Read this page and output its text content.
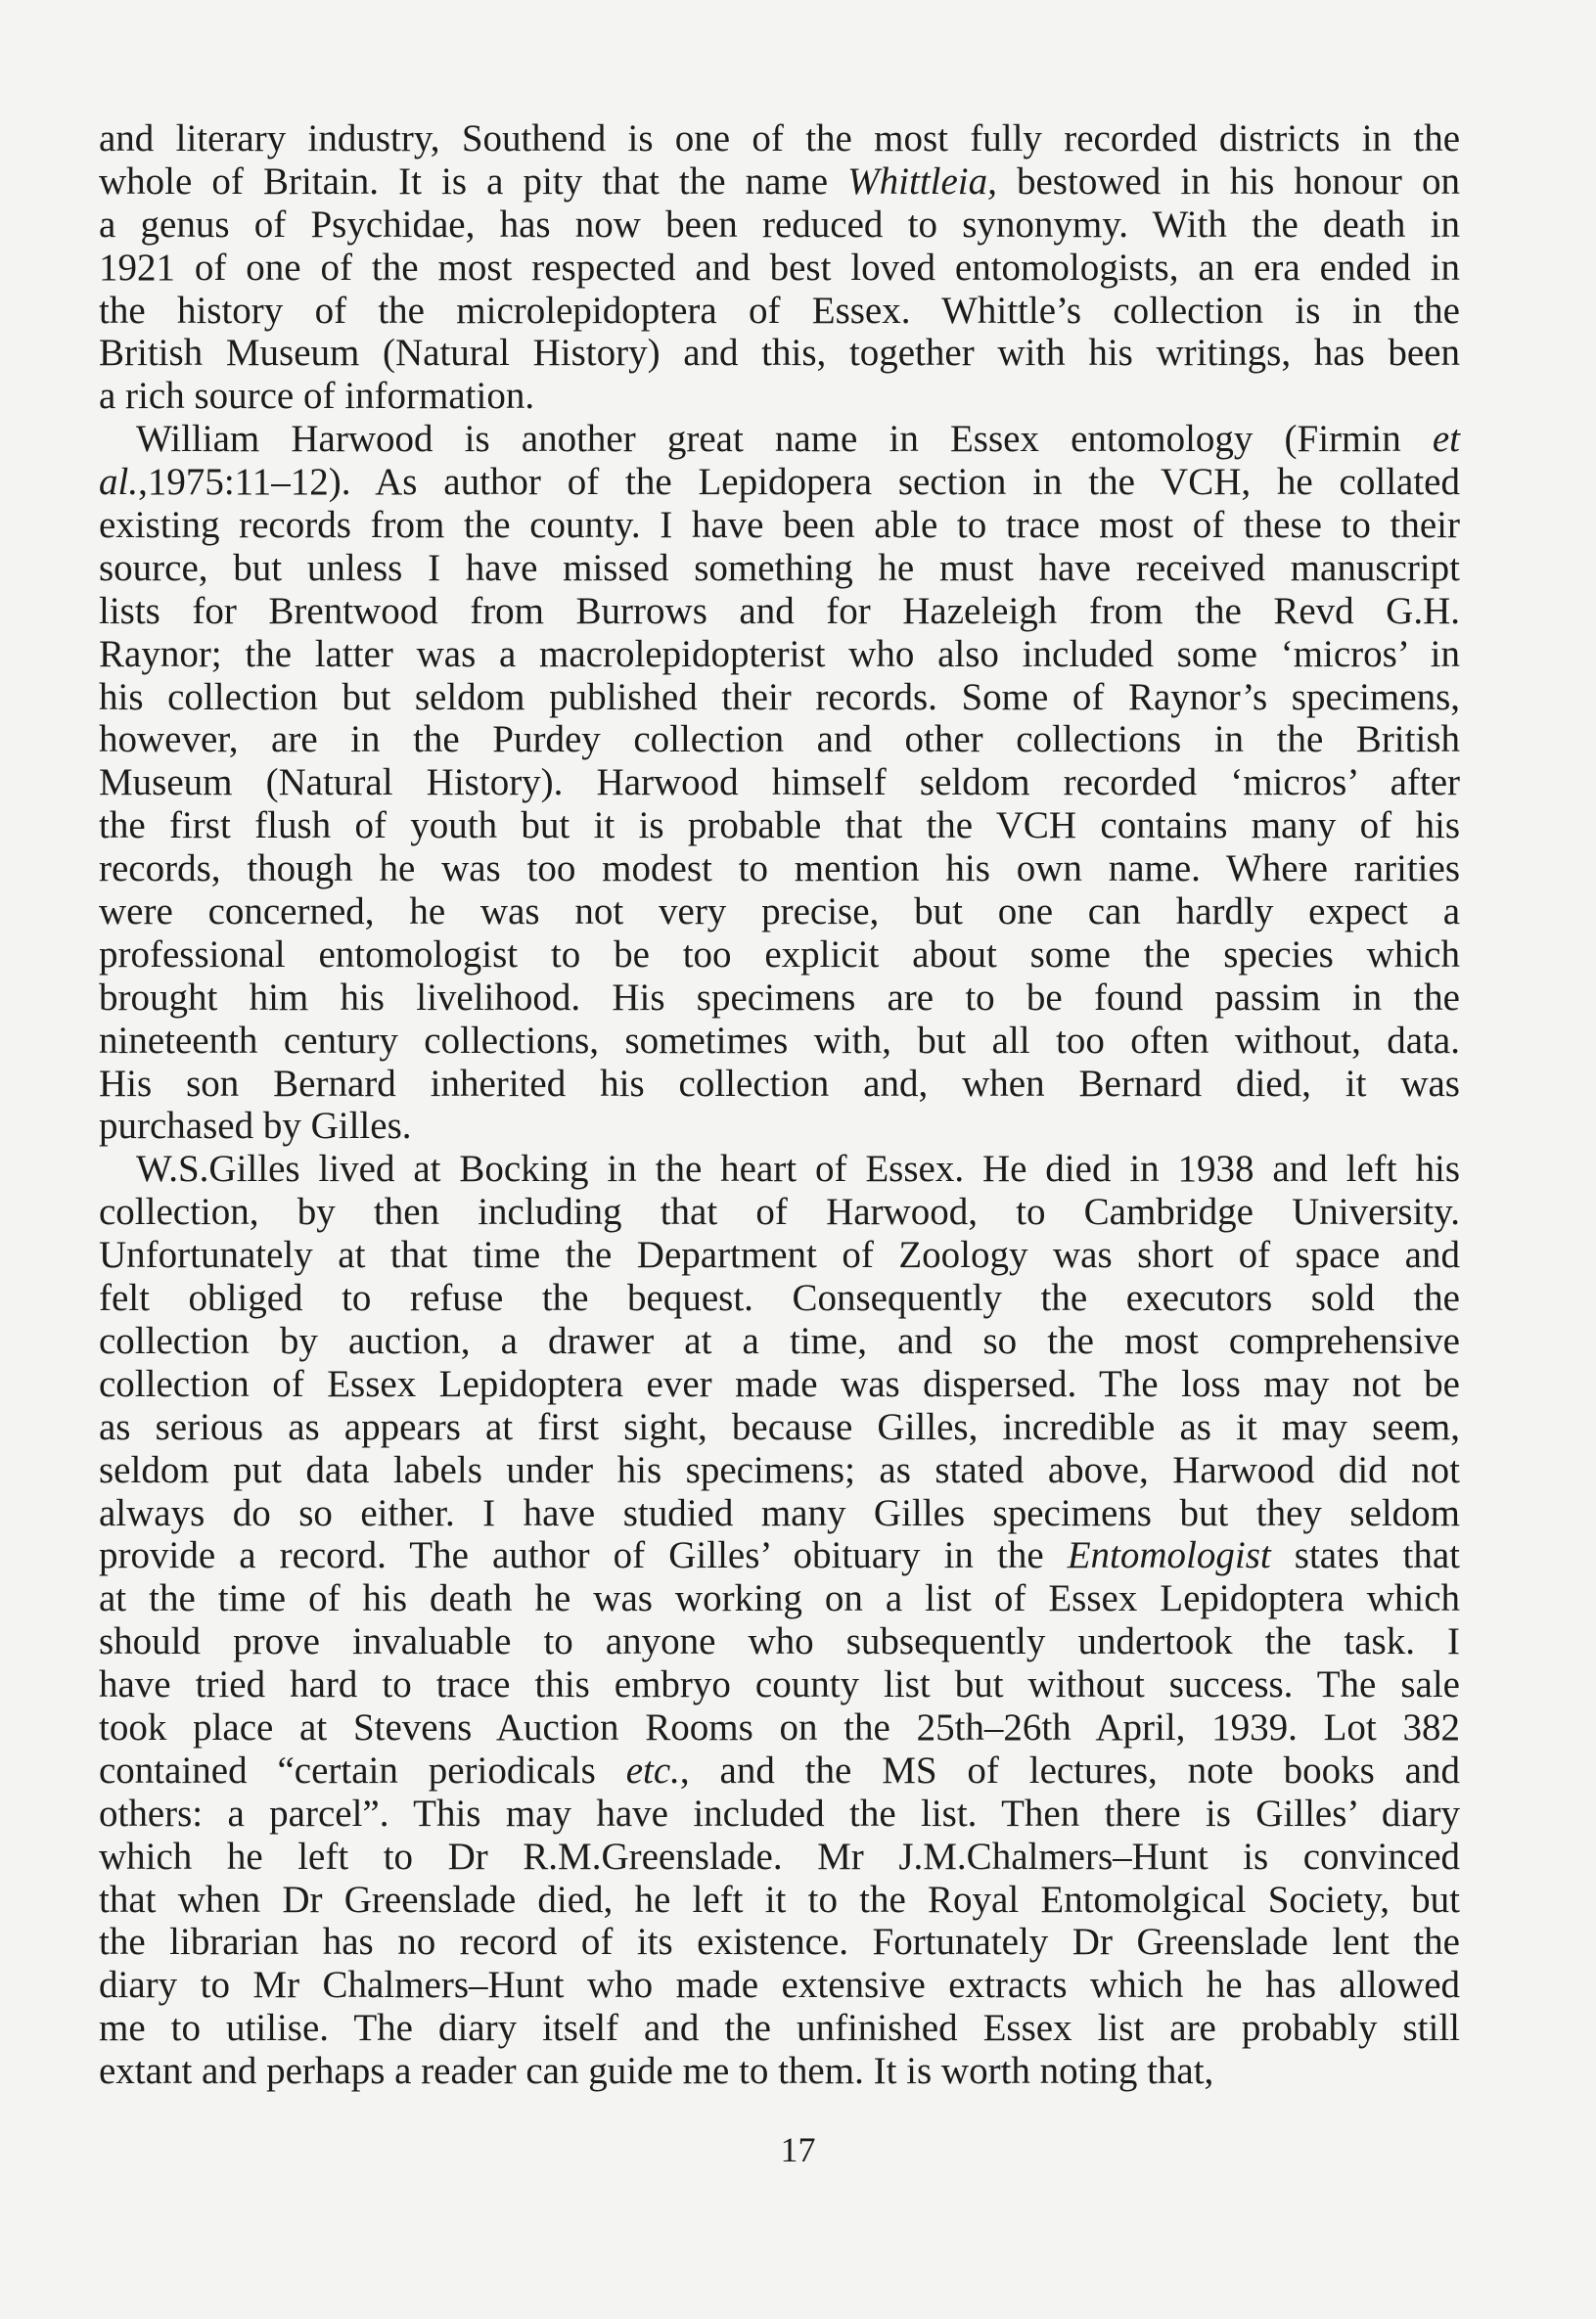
and literary industry, Southend is one of the most fully recorded districts in the
whole of Britain. It is a pity that the name Whittleia, bestowed in his honour on
a genus of Psychidae, has now been reduced to synonymy. With the death in
1921 of one of the most respected and best loved entomologists, an era ended in
the history of the microlepidoptera of Essex. Whittle’s collection is in the
British Museum (Natural History) and this, together with his writings, has been
a rich source of information.
William Harwood is another great name in Essex entomology (Firmin et
al.,1975:11–12). As author of the Lepidopera section in the VCH, he collated
existing records from the county. I have been able to trace most of these to their
source, but unless I have missed something he must have received manuscript
lists for Brentwood from Burrows and for Hazeleigh from the Revd G.H.
Raynor; the latter was a macrolepidopterist who also included some ‘micros’ in
his collection but seldom published their records. Some of Raynor’s specimens,
however, are in the Purdey collection and other collections in the British
Museum (Natural History). Harwood himself seldom recorded ‘micros’ after
the first flush of youth but it is probable that the VCH contains many of his
records, though he was too modest to mention his own name. Where rarities
were concerned, he was not very precise, but one can hardly expect a
professional entomologist to be too explicit about some the species which
brought him his livelihood. His specimens are to be found passim in the
nineteenth century collections, sometimes with, but all too often without, data.
His son Bernard inherited his collection and, when Bernard died, it was
purchased by Gilles.
W.S.Gilles lived at Bocking in the heart of Essex. He died in 1938 and left his
collection, by then including that of Harwood, to Cambridge University.
Unfortunately at that time the Department of Zoology was short of space and
felt obliged to refuse the bequest. Consequently the executors sold the
collection by auction, a drawer at a time, and so the most comprehensive
collection of Essex Lepidoptera ever made was dispersed. The loss may not be
as serious as appears at first sight, because Gilles, incredible as it may seem,
seldom put data labels under his specimens; as stated above, Harwood did not
always do so either. I have studied many Gilles specimens but they seldom
provide a record. The author of Gilles’ obituary in the Entomologist states that
at the time of his death he was working on a list of Essex Lepidoptera which
should prove invaluable to anyone who subsequently undertook the task. I
have tried hard to trace this embryo county list but without success. The sale
took place at Stevens Auction Rooms on the 25th–26th April, 1939. Lot 382
contained “certain periodicals etc., and the MS of lectures, note books and
others: a parcel”. This may have included the list. Then there is Gilles’ diary
which he left to Dr R.M.Greenslade. Mr J.M.Chalmers–Hunt is convinced
that when Dr Greenslade died, he left it to the Royal Entomolgical Society, but
the librarian has no record of its existence. Fortunately Dr Greenslade lent the
diary to Mr Chalmers–Hunt who made extensive extracts which he has allowed
me to utilise. The diary itself and the unfinished Essex list are probably still
extant and perhaps a reader can guide me to them. It is worth noting that,
17
